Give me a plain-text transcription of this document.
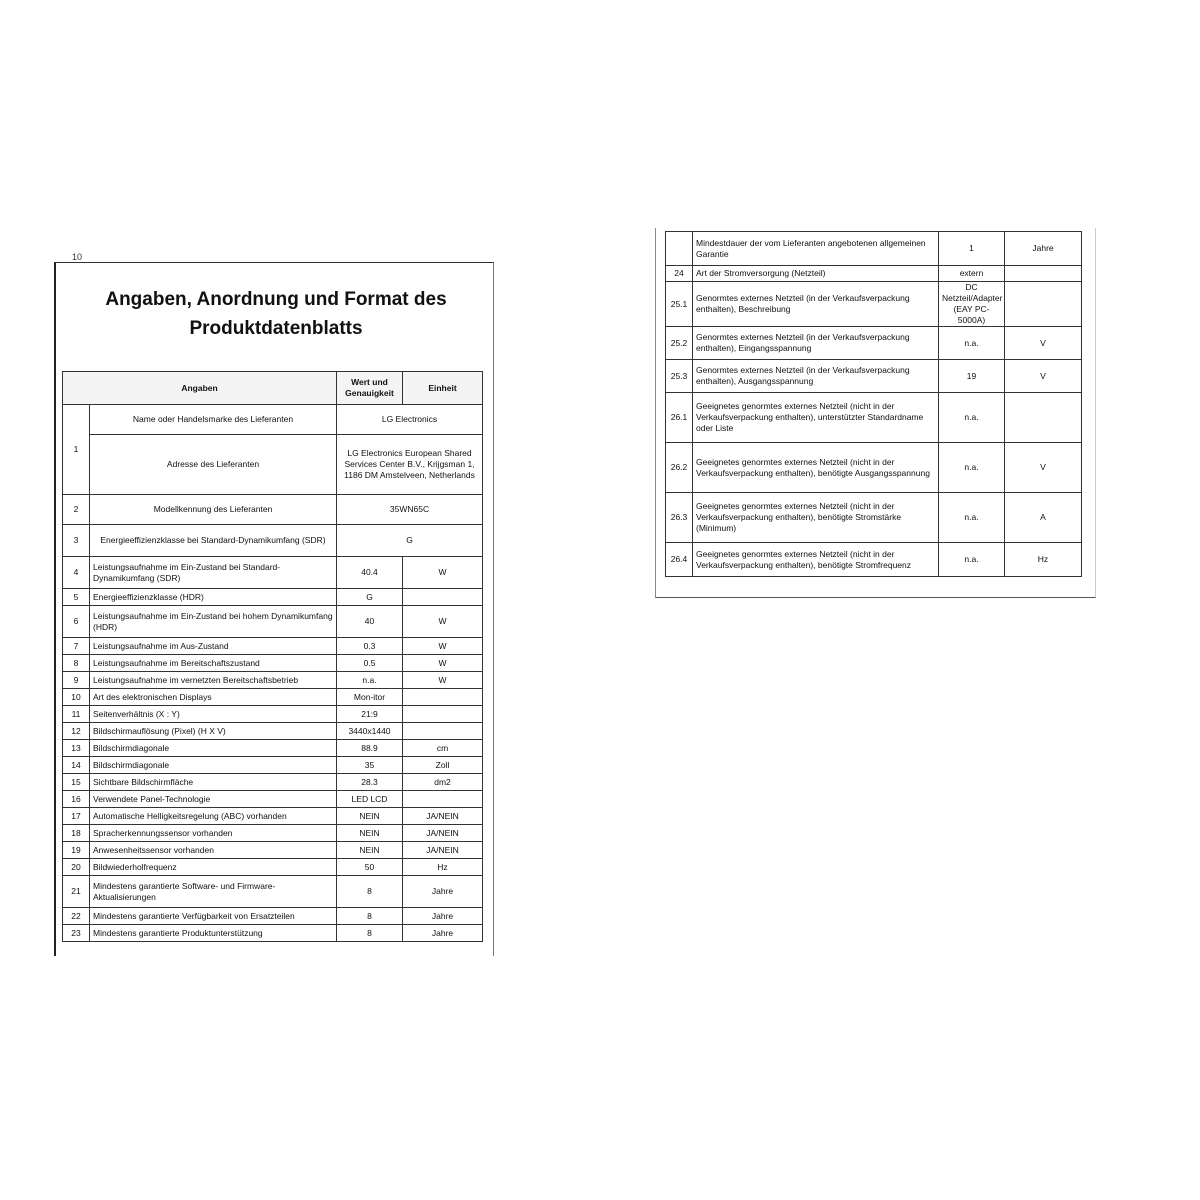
Angaben, Anordnung und Format des Produktdatenblatts
10
Angaben		Wert und Genauigkeit	Einheit
1	Name oder Handelsmarke des Lieferanten	LG Electronics	
	Adresse des Lieferanten	LG Electronics European Shared Services Center B.V., Krijgsman 1, 1186 DM Amstelveen, Netherlands	
2	Modellkennung des Lieferanten	35WN65C	
3	Energieeffizienzklasse bei Standard-Dynamikumfang (SDR)	G	
4	Leistungsaufnahme im Ein-Zustand bei Standard-Dynamikumfang (SDR)	40.4	W
5	Energieeffizienzklasse (HDR)	G	
6	Leistungsaufnahme im Ein-Zustand bei hohem Dynamikumfang (HDR)	40	W
7	Leistungsaufnahme im Aus-Zustand	0.3	W
8	Leistungsaufnahme im Bereitschaftszustand	0.5	W
9	Leistungsaufnahme im vernetzten Bereitschaftsbetrieb	n.a.	W
10	Art des elektronischen Displays	Mon-itor	
11	Seitenverhältnis (X : Y)	21:9	
12	Bildschirmauflösung (Pixel) (H X V)	3440x1440	
13	Bildschirmdiagonale	88.9	cm
14	Bildschirmdiagonale	35	Zoll
15	Sichtbare Bildschirmfläche	28.3	dm2
16	Verwendete Panel-Technologie	LED LCD	
17	Automatische Helligkeitsregelung (ABC) vorhanden	NEIN	JA/NEIN
18	Spracherkennungssensor vorhanden	NEIN	JA/NEIN
19	Anwesenheitssensor vorhanden	NEIN	JA/NEIN
20	Bildwiederholfrequenz	50	Hz
21	Mindestens garantierte Software- und Firmware-Aktualisierungen	8	Jahre
22	Mindestens garantierte Verfügbarkeit von Ersatzteilen	8	Jahre
23	Mindestens garantierte Produktunterstützung	8	Jahre
	Mindestdauer der vom Lieferanten angebotenen allgemeinen Garantie	1	Jahre
24	Art der Stromversorgung (Netzteil)	extern	
25.1	Genormtes externes Netzteil (in der Verkaufsverpackung enthalten), Beschreibung	DC Netzteil/Adapter (EAY PC-5000A)	
25.2	Genormtes externes Netzteil (in der Verkaufsverpackung enthalten), Eingangsspannung	n.a.	V
25.3	Genormtes externes Netzteil (in der Verkaufsverpackung enthalten), Ausgangsspannung	19	V
26.1	Geeignetes genormtes externes Netzteil (nicht in der Verkaufsverpackung enthalten), unterstützter Standardname oder Liste	n.a.	
26.2	Geeignetes genormtes externes Netzteil (nicht in der Verkaufsverpackung enthalten), benötigte Ausgangsspannung	n.a.	V
26.3	Geeignetes genormtes externes Netzteil (nicht in der Verkaufsverpackung enthalten), benötigte Stromstärke (Minimum)	n.a.	A
26.4	Geeignetes genormtes externes Netzteil (nicht in der Verkaufsverpackung enthalten), benötigte Stromfrequenz	n.a.	Hz
